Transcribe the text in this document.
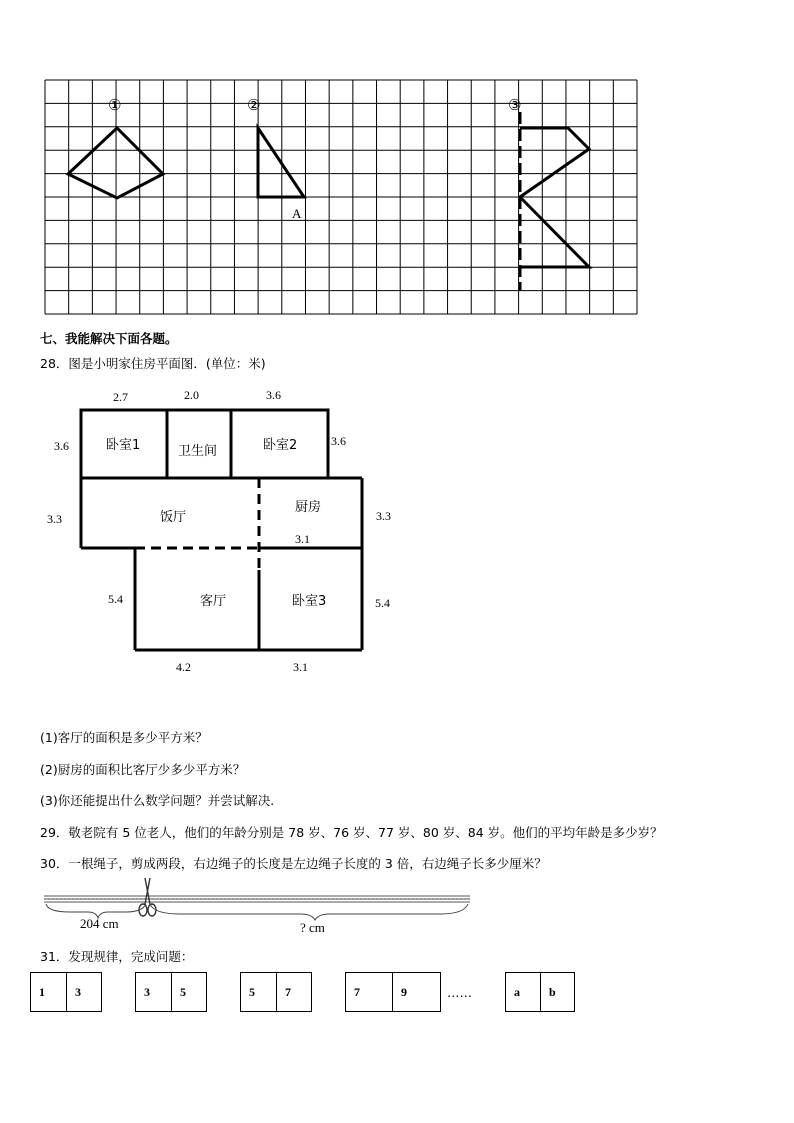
①	②	③
A
七、我能解决下面各题。
28．图是小明家住房平面图．(单位：米)
卧室1	卫生间	卧室2
饭厅
厨房
客厅	卧室3
2.7	2.0	3.6
3.6	3.6
3.3	3.3
3.1
5.4	5.4
4.2	3.1
(1)客厅的面积是多少平方米？
(2)厨房的面积比客厅少多少平方米？
(3)你还能提出什么数学问题？并尝试解决.
29．敬老院有 5 位老人，他们的年龄分别是 78 岁、76 岁、77 岁、80 岁、84 岁。他们的平均年龄是多少岁？
30．一根绳子，剪成两段，右边绳子的长度是左边绳子长度的 3 倍，右边绳子长多少厘米？
204 cm	? cm
31．发现规律，完成问题：
1	3	3	5	5	7	7	9	……	a	b
